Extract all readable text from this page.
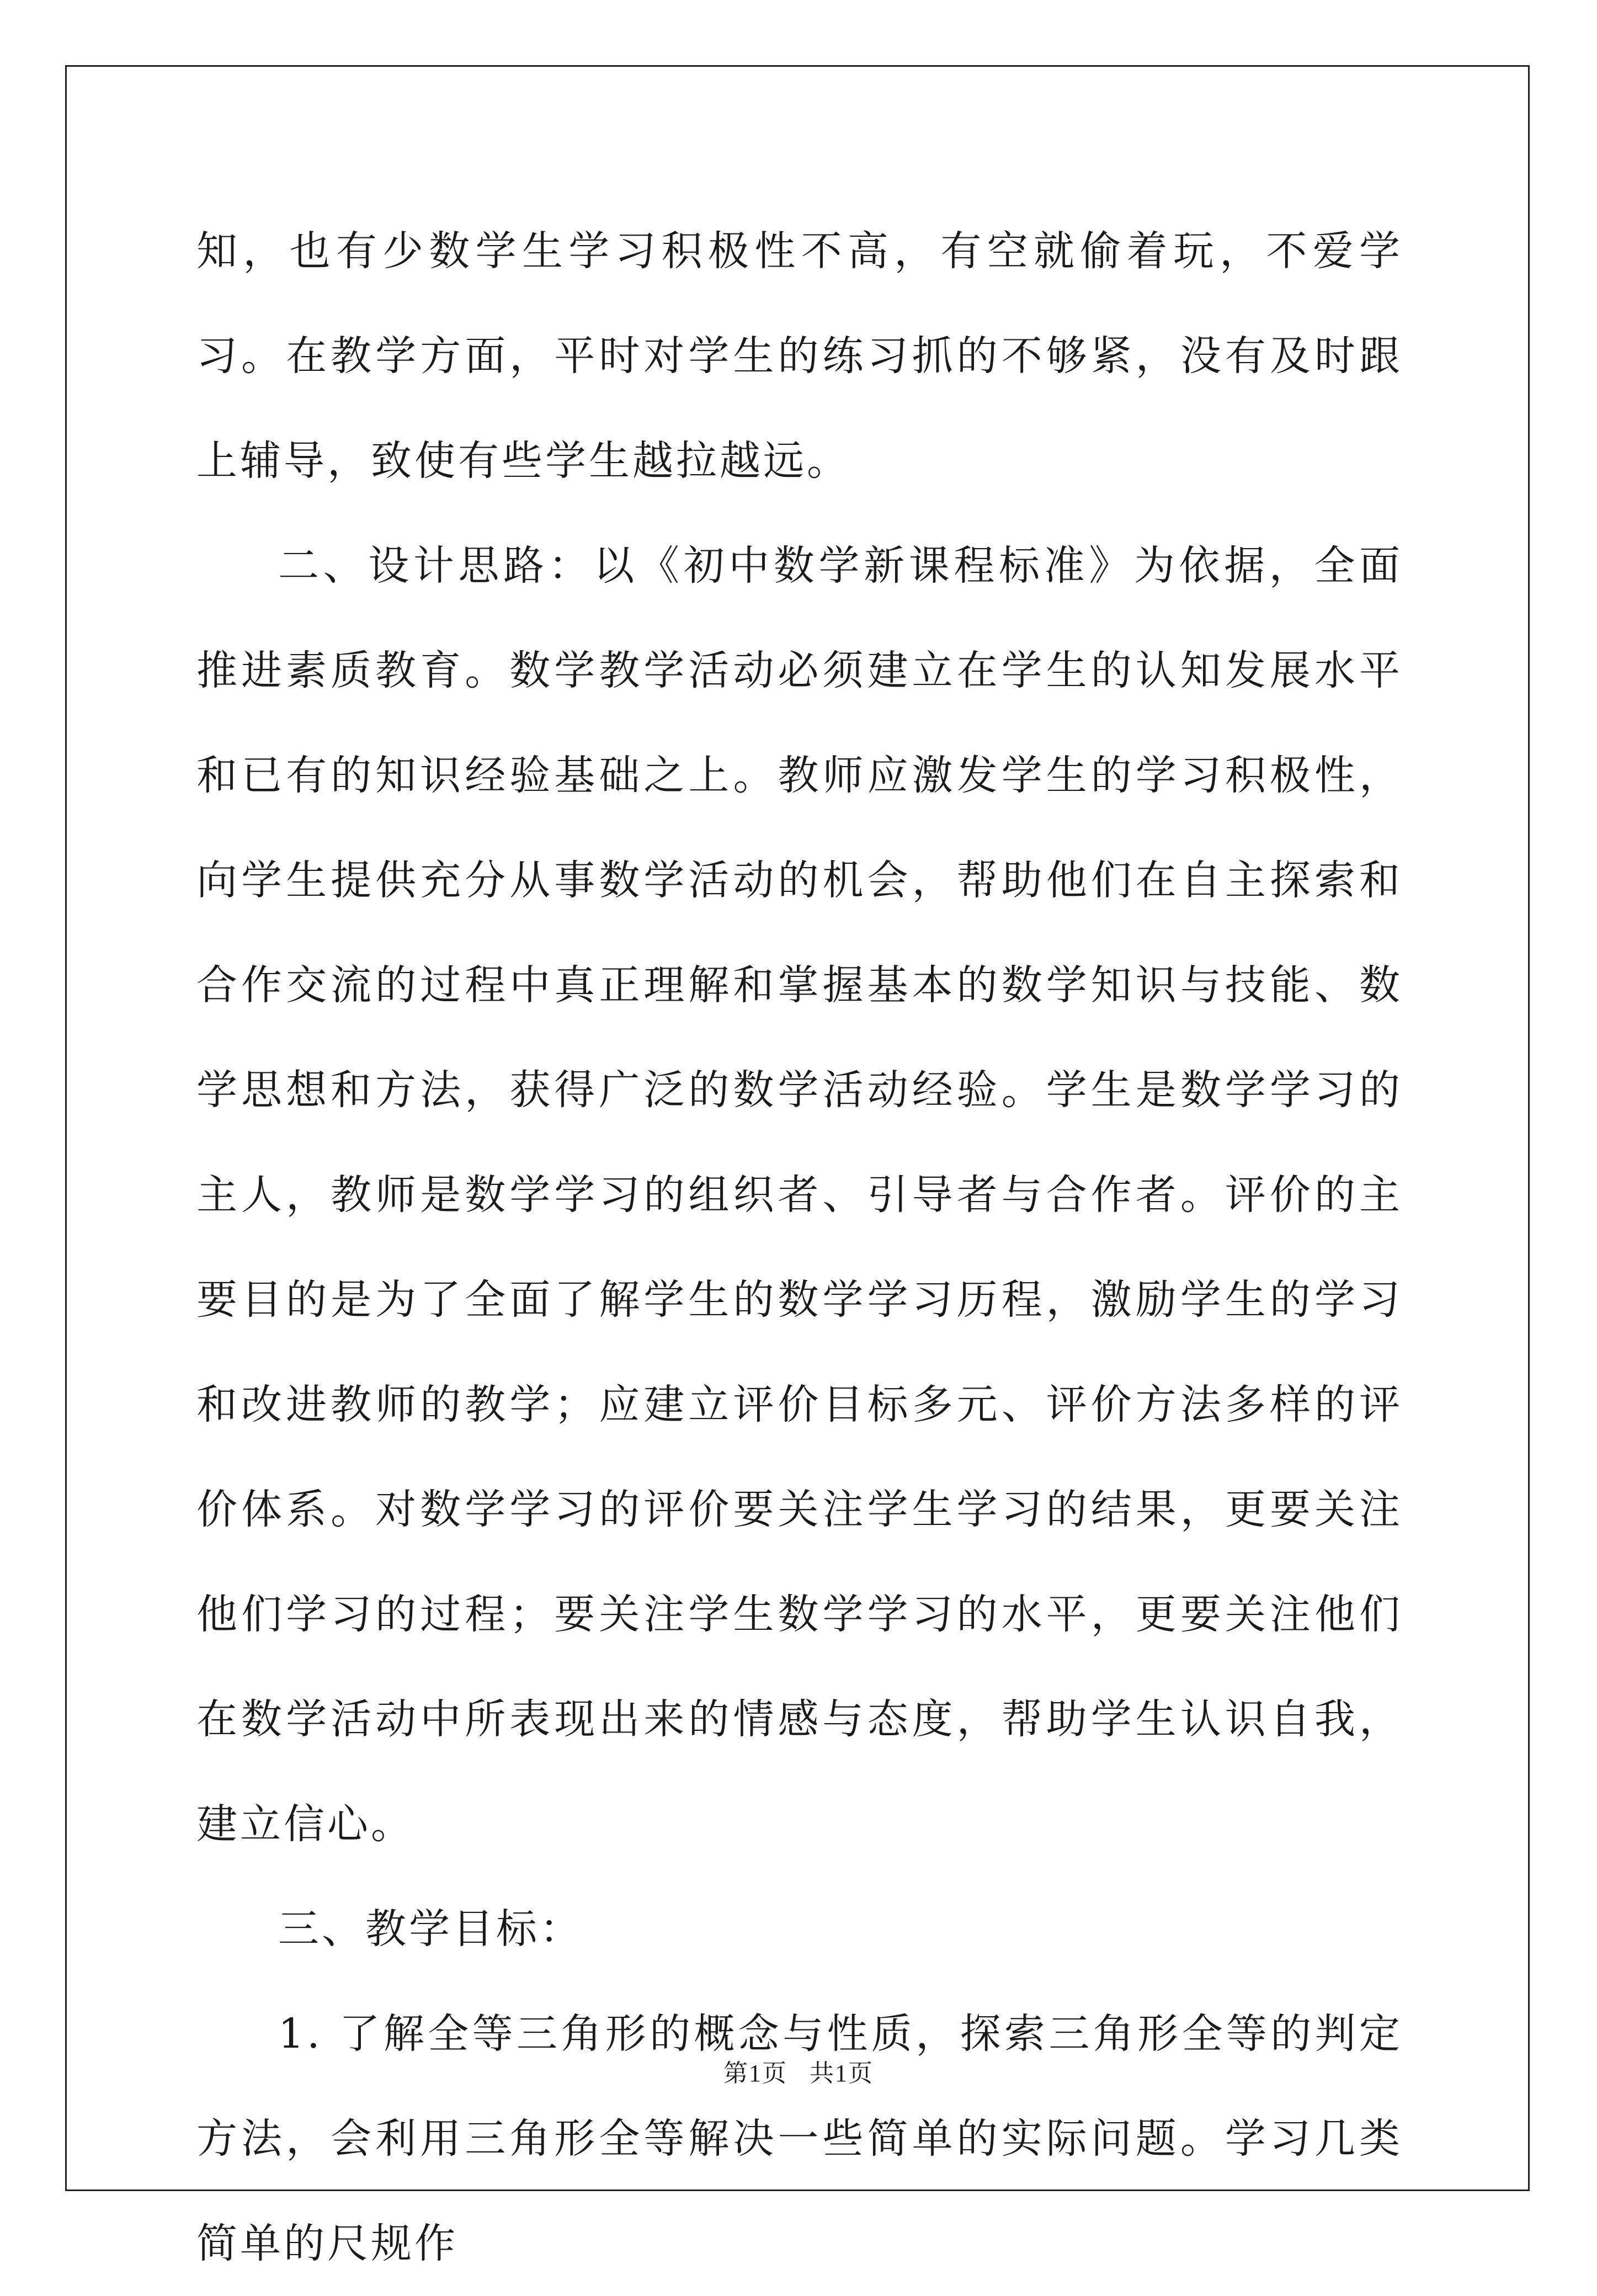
知，也有少数学生学习积极性不高，有空就偷着玩，不爱学习。在教学方面，平时对学生的练习抓的不够紧，没有及时跟上辅导，致使有些学生越拉越远。

二、设计思路：以《初中数学新课程标准》为依据，全面推进素质教育。数学教学活动必须建立在学生的认知发展水平和已有的知识经验基础之上。教师应激发学生的学习积极性，向学生提供充分从事数学活动的机会，帮助他们在自主探索和合作交流的过程中真正理解和掌握基本的数学知识与技能、数学思想和方法，获得广泛的数学活动经验。学生是数学学习的主人，教师是数学学习的组织者、引导者与合作者。评价的主要目的是为了全面了解学生的数学学习历程，激励学生的学习和改进教师的教学；应建立评价目标多元、评价方法多样的评价体系。对数学学习的评价要关注学生学习的结果，更要关注他们学习的过程；要关注学生数学学习的水平，更要关注他们在数学活动中所表现出来的情感与态度，帮助学生认识自我，建立信心。

三、教学目标：

1. 了解全等三角形的概念与性质，探索三角形全等的判定方法，会利用三角形全等解决一些简单的实际问题。学习几类简单的尺规作

第1页 共1页
